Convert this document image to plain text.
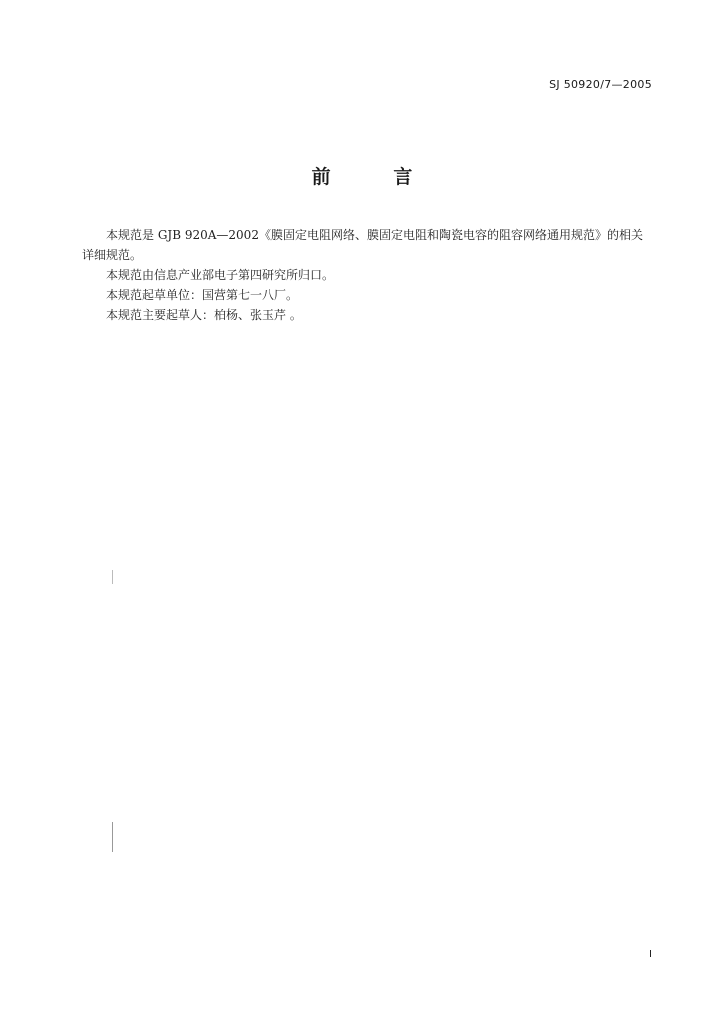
SJ 50920/7—2005
前	言

本规范是 GJB 920A—2002《膜固定电阻网络、膜固定电阻和陶瓷电容的阻容网络通用规范》的相关详细规范。

本规范由信息产业部电子第四研究所归口。

本规范起草单位：国营第七一八厂。

本规范主要起草人：柏杨、张玉芹 。

I
